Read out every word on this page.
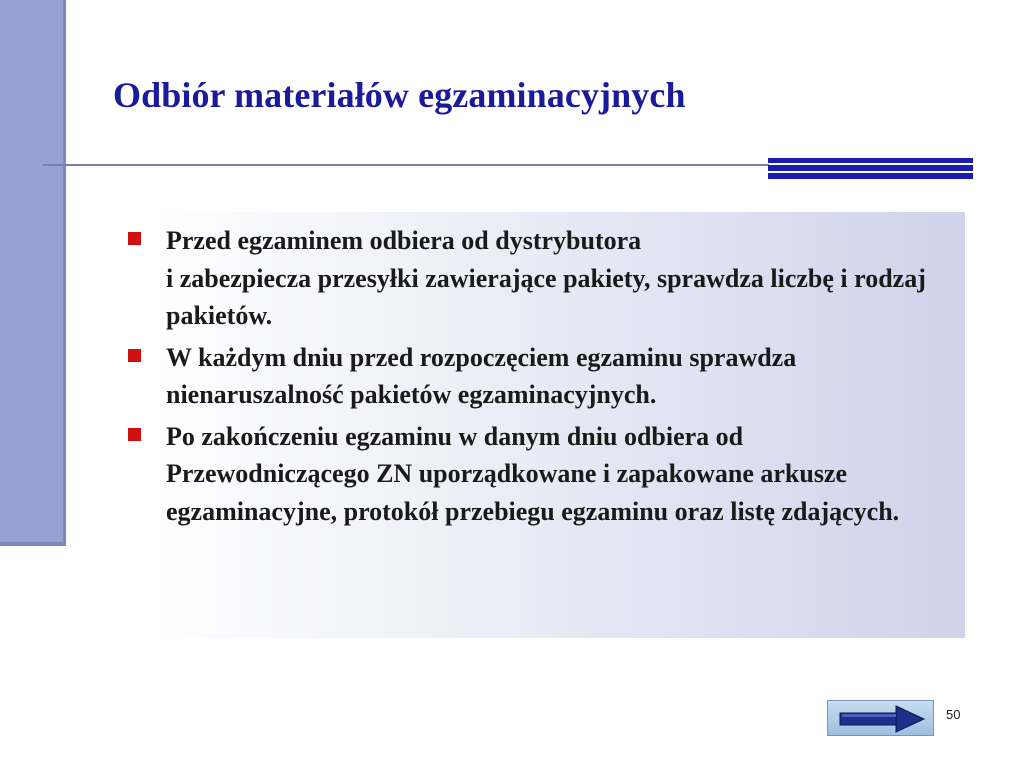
Odbiór materiałów egzaminacyjnych
Przed egzaminem odbiera od dystrybutora
i zabezpiecza przesyłki zawierające pakiety, sprawdza liczbę i rodzaj pakietów.
W każdym dniu przed rozpoczęciem egzaminu sprawdza nienaruszalność pakietów egzaminacyjnych.
Po zakończeniu egzaminu w danym dniu odbiera od Przewodniczącego ZN uporządkowane i zapakowane arkusze egzaminacyjne, protokół przebiegu egzaminu oraz listę zdających.
50
